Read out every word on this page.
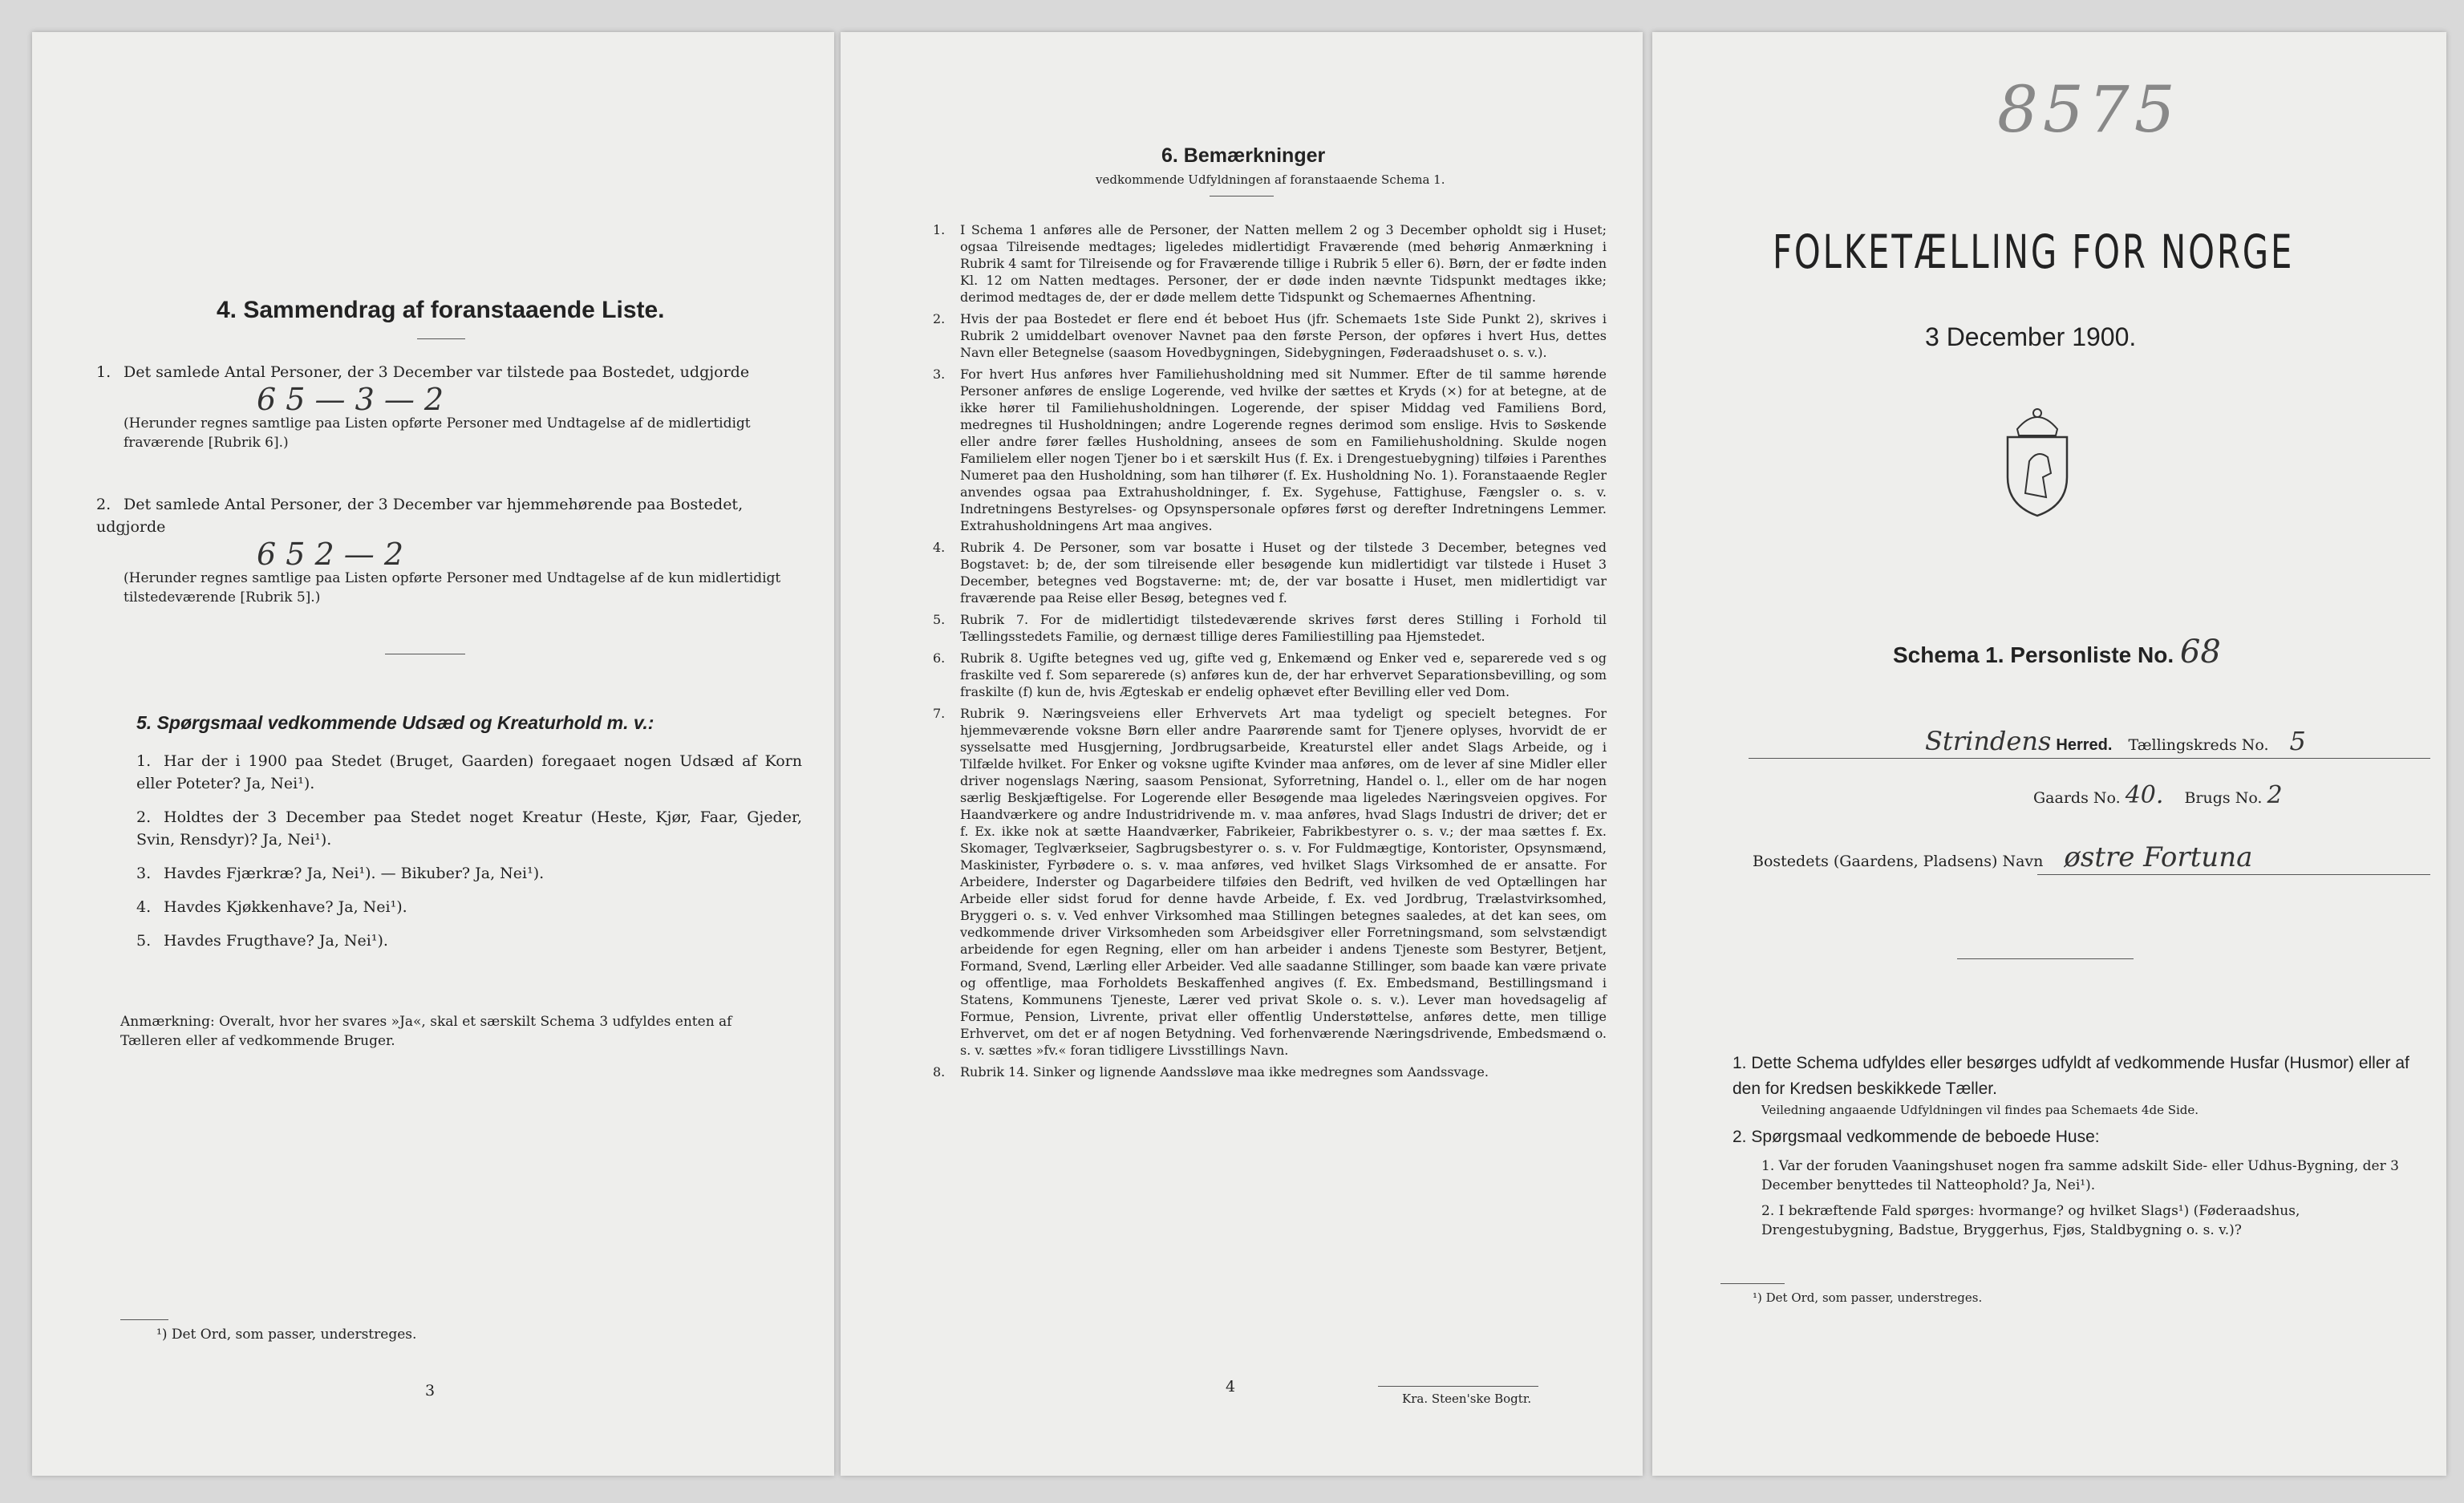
4. Sammendrag af foranstaaende Liste.
1. Det samlede Antal Personer, der 3 December var tilstede paa Bostedet, udgjorde
6 5 — 3 — 2
(Herunder regnes samtlige paa Listen opførte Personer med Undtagelse af de midlertidigt fraværende [Rubrik 6].)
2. Det samlede Antal Personer, der 3 December var hjemmehørende paa Bostedet, udgjorde
6 5 2 — 2
(Herunder regnes samtlige paa Listen opførte Personer med Undtagelse af de kun midlertidigt tilstedeværende [Rubrik 5].)
5. Spørgsmaal vedkommende Udsæd og Kreaturhold m. v.:
1. Har der i 1900 paa Stedet (Bruget, Gaarden) foregaaet nogen Udsæd af Korn eller Poteter? Ja, Nei¹).
2. Holdtes der 3 December paa Stedet noget Kreatur (Heste, Kjør, Faar, Gjeder, Svin, Rensdyr)? Ja, Nei¹).
3. Havdes Fjærkræ? Ja, Nei¹). — Bikuber? Ja, Nei¹).
4. Havdes Kjøkkenhave? Ja, Nei¹).
5. Havdes Frugthave? Ja, Nei¹).
Anmærkning: Overalt, hvor her svares »Ja«, skal et særskilt Schema 3 udfyldes enten af Tælleren eller af vedkommende Bruger.
¹) Det Ord, som passer, understreges.
3
6. Bemærkninger
vedkommende Udfyldningen af foranstaaende Schema 1.
1. I Schema 1 anføres alle de Personer, der Natten mellem 2 og 3 December opholdt sig i Huset; ogsaa Tilreisende medtages; ligeledes midlertidigt Fraværende (med behørig Anmærkning i Rubrik 4 samt for Tilreisende og for Fraværende tillige i Rubrik 5 eller 6). Børn, der er fødte inden Kl. 12 om Natten medtages. Personer, der er døde inden nævnte Tidspunkt medtages ikke; derimod medtages de, der er døde mellem dette Tidspunkt og Schemaernes Afhentning.
2. Hvis der paa Bostedet er flere end ét beboet Hus (jfr. Schemaets 1ste Side Punkt 2), skrives i Rubrik 2 umiddelbart ovenover Navnet paa den første Person, der opføres i hvert Hus, dettes Navn eller Betegnelse (saasom Hovedbygningen, Sidebygningen, Føderaadshuset o. s. v.).
3. For hvert Hus anføres hver Familiehusholdning med sit Nummer. Efter de til samme hørende Personer anføres de enslige Logerende, ved hvilke der sættes et Kryds (×) for at betegne, at de ikke hører til Familiehusholdningen. Logerende, der spiser Middag ved Familiens Bord, medregnes til Husholdningen; andre Logerende regnes derimod som enslige. Hvis to Søskende eller andre fører fælles Husholdning, ansees de som en Familiehusholdning. Skulde nogen Familielem eller nogen Tjener bo i et særskilt Hus (f. Ex. i Drengestuebygning) tilføies i Parenthes Numeret paa den Husholdning, som han tilhører (f. Ex. Husholdning No. 1). Foranstaaende Regler anvendes ogsaa paa Extrahusholdninger, f. Ex. Sygehuse, Fattighuse, Fængsler o. s. v. Indretningens Bestyrelses- og Opsynspersonale opføres først og derefter Indretningens Lemmer. Extrahusholdningens Art maa angives.
4. Rubrik 4. De Personer, som var bosatte i Huset og der tilstede 3 December, betegnes ved Bogstavet: b; de, der som tilreisende eller besøgende kun midlertidigt var tilstede i Huset 3 December, betegnes ved Bogstaverne: mt; de, der var bosatte i Huset, men midlertidigt var fraværende paa Reise eller Besøg, betegnes ved f.
5. Rubrik 7. For de midlertidigt tilstedeværende skrives først deres Stilling i Forhold til Tællingsstedets Familie, og dernæst tillige deres Familiestilling paa Hjemstedet.
6. Rubrik 8. Ugifte betegnes ved ug, gifte ved g, Enkemænd og Enker ved e, separerede ved s og fraskilte ved f. Som separerede (s) anføres kun de, der har erhvervet Separationsbevilling, og som fraskilte (f) kun de, hvis Ægteskab er endelig ophævet efter Bevilling eller ved Dom.
7. Rubrik 9. Næringsveiens eller Erhvervets Art maa tydeligt og specielt betegnes. For hjemmeværende voksne Børn eller andre Paarørende samt for Tjenere oplyses, hvorvidt de er sysselsatte med Husgjerning, Jordbrugsarbeide, Kreaturstel eller andet Slags Arbeide, og i Tilfælde hvilket. For Enker og voksne ugifte Kvinder maa anføres, om de lever af sine Midler eller driver nogenslags Næring, saasom Pensionat, Syforretning, Handel o. l., eller om de har nogen særlig Beskjæftigelse. For Logerende eller Besøgende maa ligeledes Næringsveien opgives. For Haandværkere og andre Industridrivende m. v. maa anføres, hvad Slags Industri de driver; det er f. Ex. ikke nok at sætte Haandværker, Fabrikeier, Fabrikbestyrer o. s. v.; der maa sættes f. Ex. Skomager, Teglværkseier, Sagbrugsbestyrer o. s. v. For Fuldmægtige, Kontorister, Opsynsmænd, Maskinister, Fyrbødere o. s. v. maa anføres, ved hvilket Slags Virksomhed de er ansatte. For Arbeidere, Inderster og Dagarbeidere tilføies den Bedrift, ved hvilken de ved Optællingen har Arbeide eller sidst forud for denne havde Arbeide, f. Ex. ved Jordbrug, Trælastvirksomhed, Bryggeri o. s. v. Ved enhver Virksomhed maa Stillingen betegnes saaledes, at det kan sees, om vedkommende driver Virksomheden som Arbeidsgiver eller Forretningsmand, som selvstændigt arbeidende for egen Regning, eller om han arbeider i andens Tjeneste som Bestyrer, Betjent, Formand, Svend, Lærling eller Arbeider. Ved alle saadanne Stillinger, som baade kan være private og offentlige, maa Forholdets Beskaffenhed angives (f. Ex. Embedsmand, Bestillingsmand i Statens, Kommunens Tjeneste, Lærer ved privat Skole o. s. v.). Lever man hovedsagelig af Formue, Pension, Livrente, privat eller offentlig Understøttelse, anføres dette, men tillige Erhvervet, om det er af nogen Betydning. Ved forhenværende Næringsdrivende, Embedsmænd o. s. v. sættes »fv.« foran tidligere Livsstillings Navn.
8. Rubrik 14. Sinker og lignende Aandssløve maa ikke medregnes som Aandssvage.
4
Kra. Steen'ske Bogtr.
8575
FOLKETÆLLING FOR NORGE
3 December 1900.
Schema 1. Personliste No. 68
Strindens Herred. Tællingskreds No. 5
Gaards No. 40. Brugs No. 2
Bostedets (Gaardens, Pladsens) Navn østre Fortuna
1. Dette Schema udfyldes eller besørges udfyldt af vedkommende Husfar (Husmor) eller af den for Kredsen beskikkede Tæller.
Veiledning angaaende Udfyldningen vil findes paa Schemaets 4de Side.
2. Spørgsmaal vedkommende de beboede Huse:
1. Var der foruden Vaaningshuset nogen fra samme adskilt Side- eller Udhus-Bygning, der 3 December benyttedes til Natteophold? Ja, Nei¹).
2. I bekræftende Fald spørges: hvormange? og hvilket Slags¹) (Føderaadshus, Drengestubygning, Badstue, Bryggerhus, Fjøs, Staldbygning o. s. v.)?
¹) Det Ord, som passer, understreges.
